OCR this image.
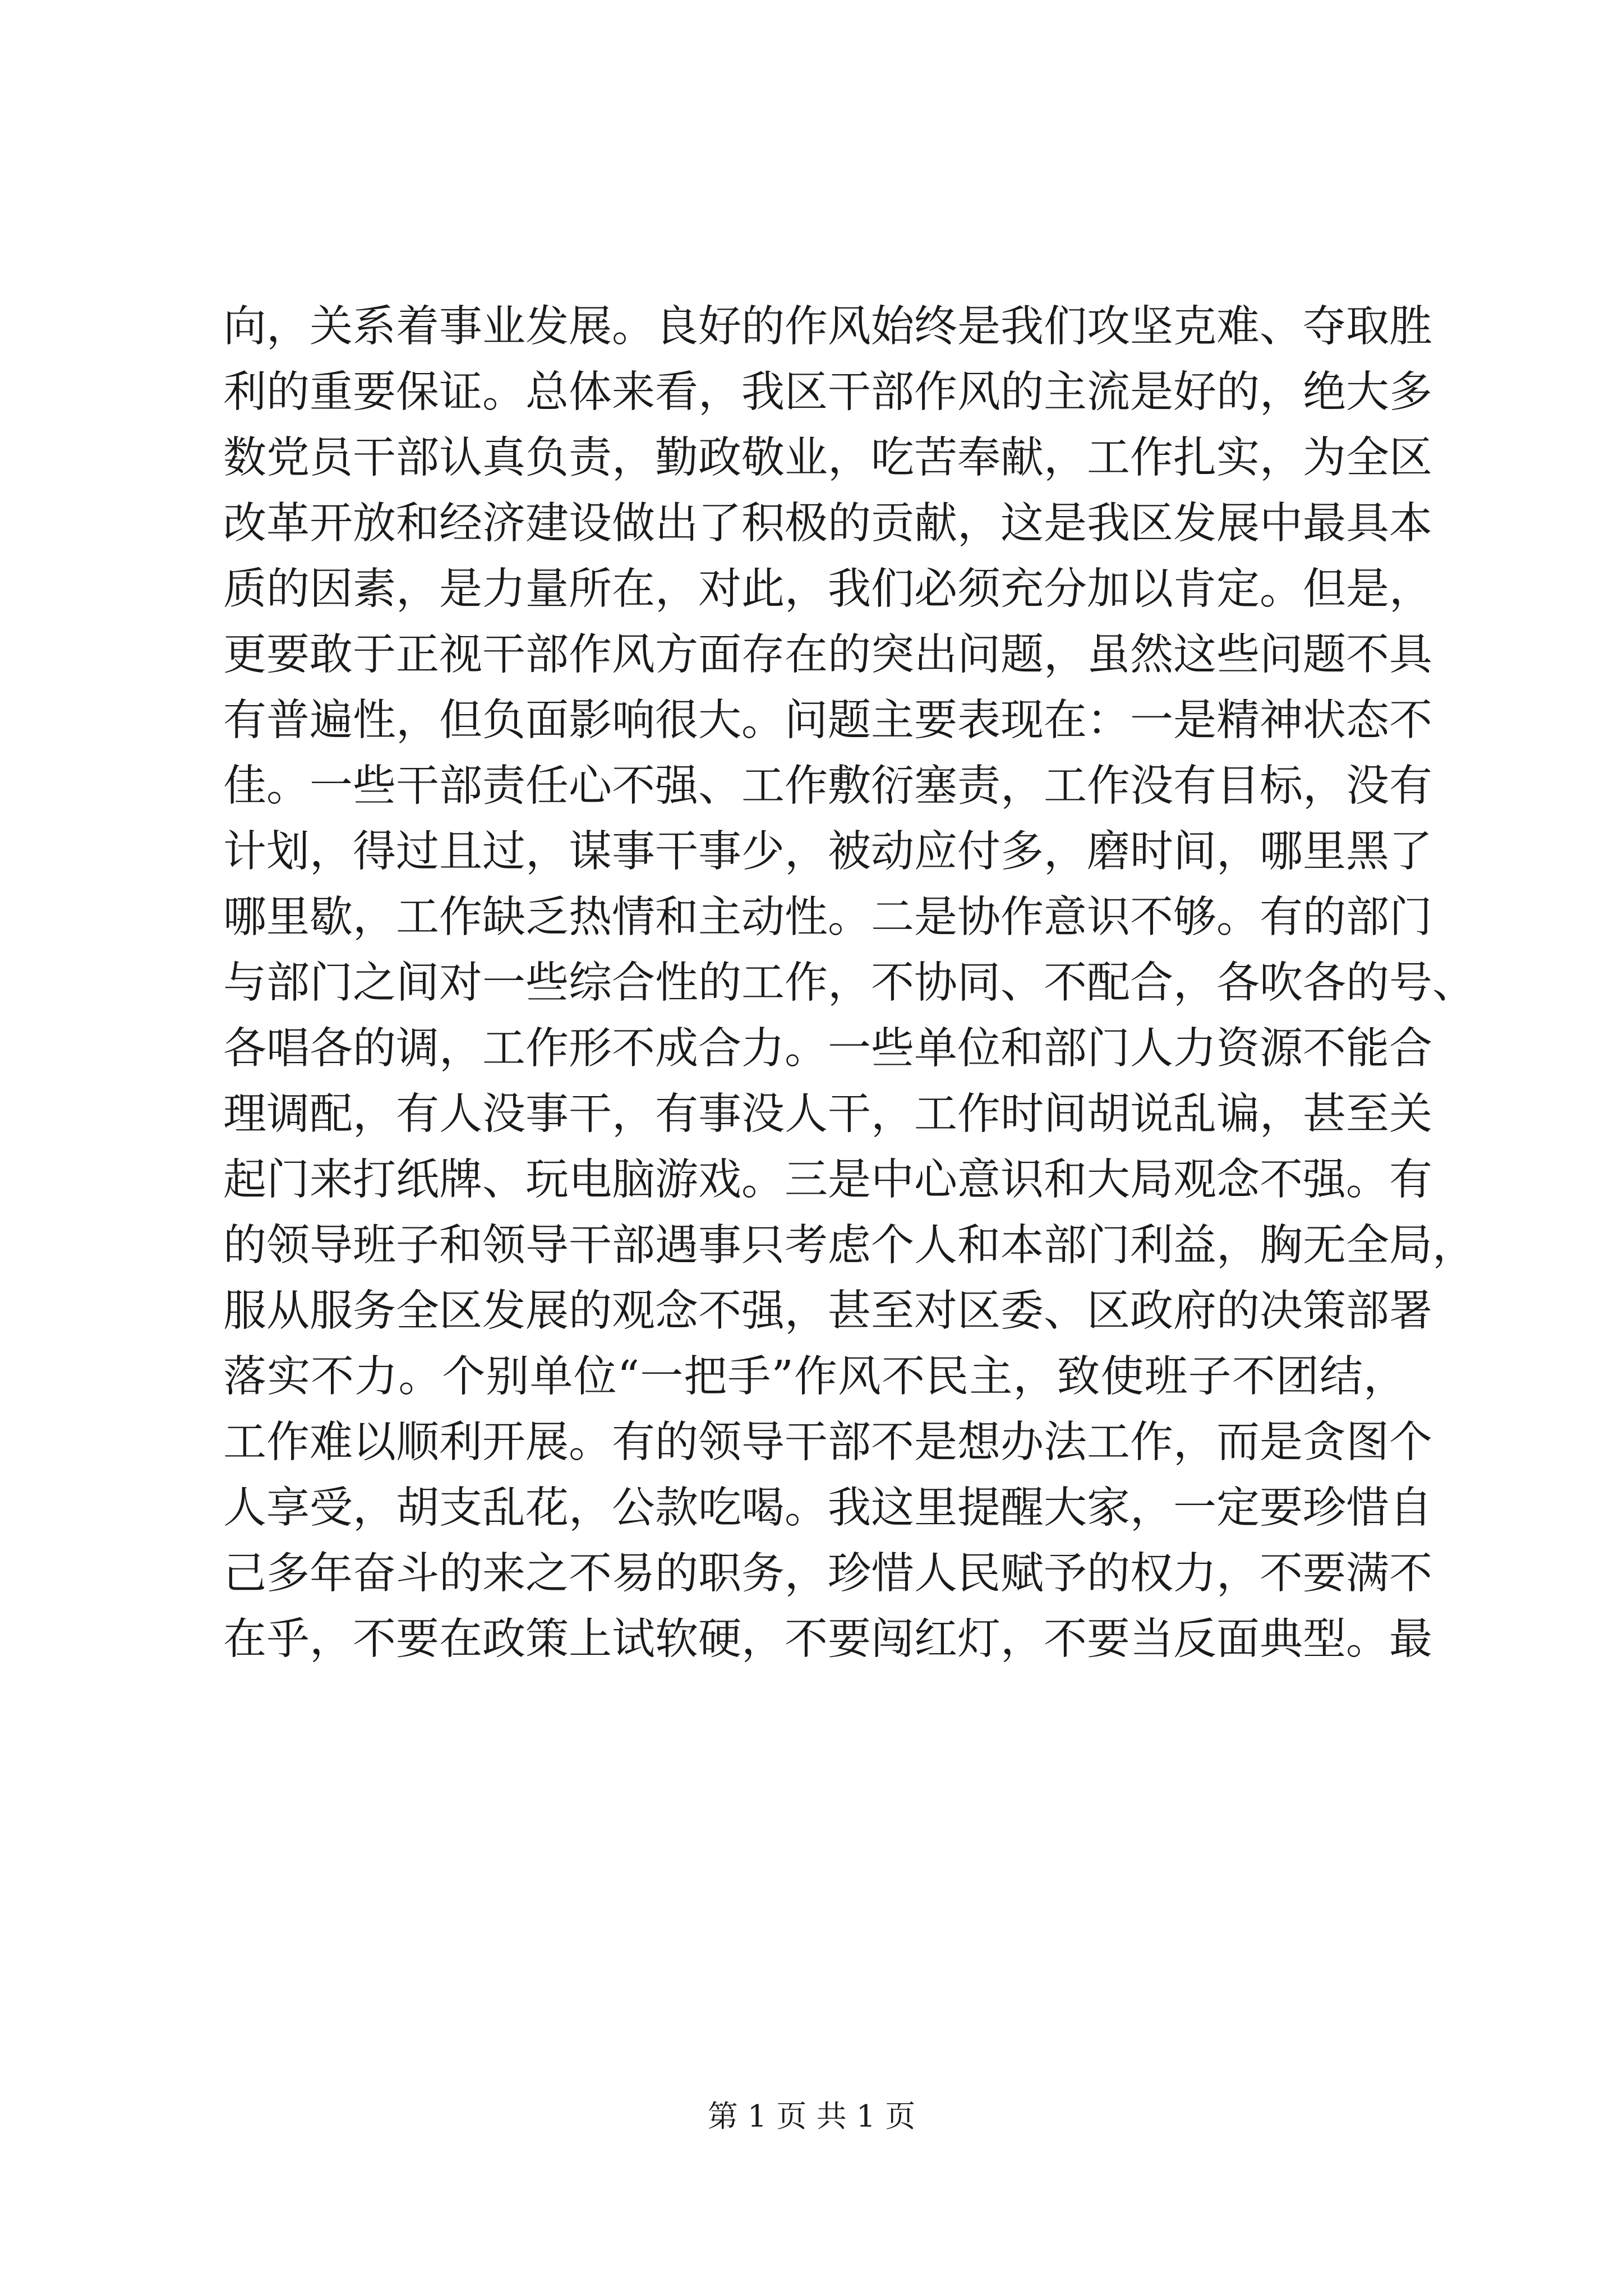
向，关系着事业发展。良好的作风始终是我们攻坚克难、夺取胜
利的重要保证。总体来看，我区干部作风的主流是好的，绝大多
数党员干部认真负责，勤政敬业，吃苦奉献，工作扎实，为全区
改革开放和经济建设做出了积极的贡献，这是我区发展中最具本
质的因素，是力量所在，对此，我们必须充分加以肯定。但是，
更要敢于正视干部作风方面存在的突出问题，虽然这些问题不具
有普遍性，但负面影响很大。问题主要表现在：一是精神状态不
佳。一些干部责任心不强、工作敷衍塞责，工作没有目标，没有
计划，得过且过，谋事干事少，被动应付多，磨时间，哪里黑了
哪里歇，工作缺乏热情和主动性。二是协作意识不够。有的部门
与部门之间对一些综合性的工作，不协同、不配合，各吹各的号、
各唱各的调，工作形不成合力。一些单位和部门人力资源不能合
理调配，有人没事干，有事没人干，工作时间胡说乱谝，甚至关
起门来打纸牌、玩电脑游戏。三是中心意识和大局观念不强。有
的领导班子和领导干部遇事只考虑个人和本部门利益，胸无全局，
服从服务全区发展的观念不强，甚至对区委、区政府的决策部署
落实不力。个别单位“一把手”作风不民主，致使班子不团结，
工作难以顺利开展。有的领导干部不是想办法工作，而是贪图个
人享受，胡支乱花，公款吃喝。我这里提醒大家，一定要珍惜自
己多年奋斗的来之不易的职务，珍惜人民赋予的权力，不要满不
在乎，不要在政策上试软硬，不要闯红灯，不要当反面典型。最
第 1 页 共 1 页
